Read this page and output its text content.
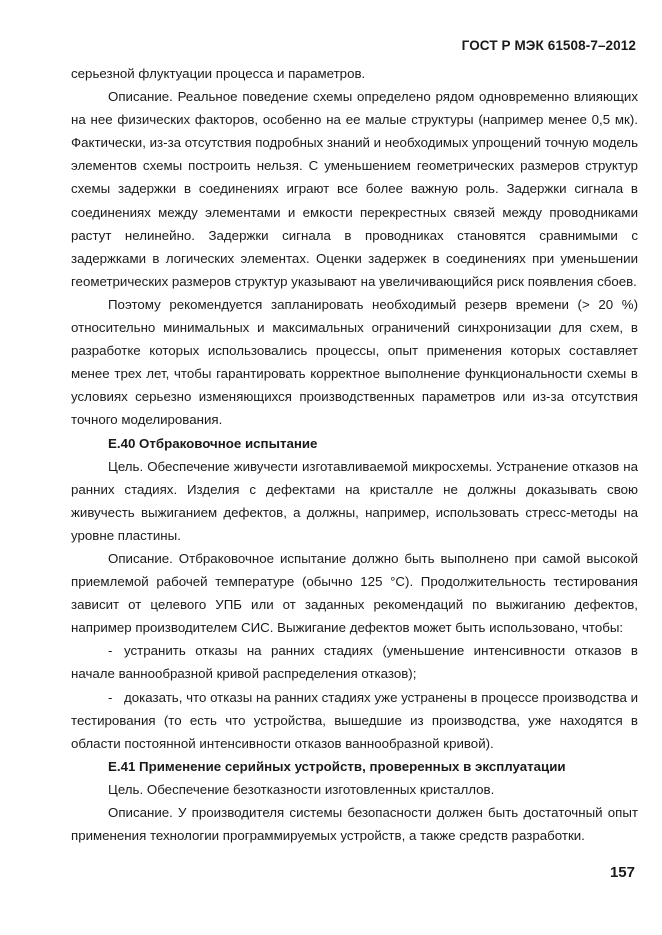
ГОСТ Р МЭК 61508-7–2012

серьезной флуктуации процесса и параметров.

Описание. Реальное поведение схемы определено рядом одновременно влияющих на нее физических факторов, особенно на ее малые структуры (например менее 0,5 мк). Фактически, из-за отсутствия подробных знаний и необходимых упрощений точную модель элементов схемы построить нельзя. С уменьшением геометрических размеров структур схемы задержки в соединениях играют все более важную роль. Задержки сигнала в соединениях между элементами и емкости перекрестных связей между проводниками растут нелинейно. Задержки сигнала в проводниках становятся сравнимыми с задержками в логических элементах. Оценки задержек в соединениях при уменьшении геометрических размеров структур указывают на увеличивающийся риск появления сбоев.

Поэтому рекомендуется запланировать необходимый резерв времени (> 20 %) относительно минимальных и максимальных ограничений синхронизации для схем, в разработке которых использовались процессы, опыт применения которых составляет менее трех лет, чтобы гарантировать корректное выполнение функциональности схемы в условиях серьезно изменяющихся производственных параметров или из-за отсутствия точного моделирования.

E.40 Отбраковочное испытание

Цель. Обеспечение живучести изготавливаемой микросхемы. Устранение отказов на ранних стадиях. Изделия с дефектами на кристалле не должны доказывать свою живучесть выжиганием дефектов, а должны, например, использовать стресс-методы на уровне пластины.

Описание. Отбраковочное испытание должно быть выполнено при самой высокой приемлемой рабочей температуре (обычно 125 °С). Продолжительность тестирования зависит от целевого УПБ или от заданных рекомендаций по выжиганию дефектов, например производителем СИС. Выжигание дефектов может быть использовано, чтобы:

- устранить отказы на ранних стадиях (уменьшение интенсивности отказов в начале ваннообразной кривой распределения отказов);

- доказать, что отказы на ранних стадиях уже устранены в процессе производства и тестирования (то есть что устройства, вышедшие из производства, уже находятся в области постоянной интенсивности отказов ваннообразной кривой).

E.41 Применение серийных устройств, проверенных в эксплуатации

Цель. Обеспечение безотказности изготовленных кристаллов.

Описание. У производителя системы безопасности должен быть достаточный опыт применения технологии программируемых устройств, а также средств разработки.

157
